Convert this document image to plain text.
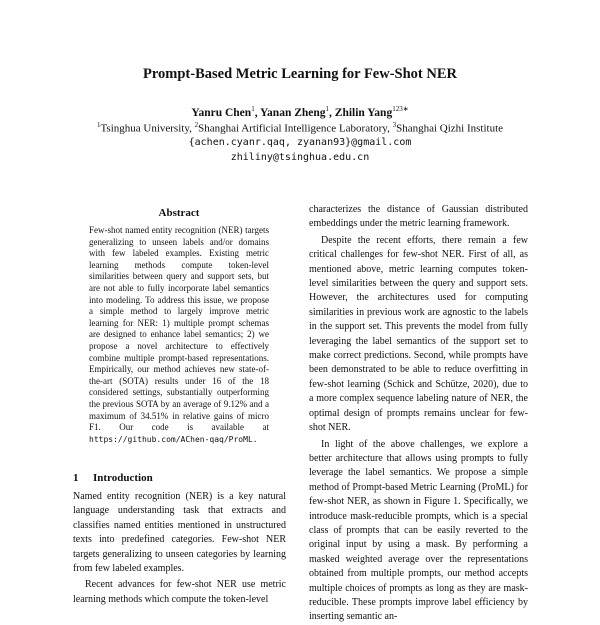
Prompt-Based Metric Learning for Few-Shot NER
Yanru Chen$^1$, Yanan Zheng$^1$, Zhilin Yang$^{123∗}$
$^1$Tsinghua University, $^2$Shanghai Artificial Intelligence Laboratory, $^3$Shanghai Qizhi Institute
{achen.cyanr.qaq, zyanan93}@gmail.com
zhiliny@tsinghua.edu.cn
Abstract
Few-shot named entity recognition (NER) targets generalizing to unseen labels and/or domains with few labeled examples. Existing metric learning methods compute token-level similarities between query and support sets, but are not able to fully incorporate label semantics into modeling. To address this issue, we propose a simple method to largely improve metric learning for NER: 1) multiple prompt schemas are designed to enhance label semantics; 2) we propose a novel architecture to effectively combine multiple prompt-based representations. Empirically, our method achieves new state-of-the-art (SOTA) results under 16 of the 18 considered settings, substantially outperforming the previous SOTA by an average of 9.12% and a maximum of 34.51% in relative gains of micro F1. Our code is available at https://github.com/AChen-qaq/ProML.
1 Introduction

Named entity recognition (NER) is a key natural language understanding task that extracts and classifies named entities mentioned in unstructured texts into predefined categories. Few-shot NER targets generalizing to unseen categories by learning from few labeled examples.

Recent advances for few-shot NER use metric learning methods which compute the token-level

characterizes the distance of Gaussian distributed embeddings under the metric learning framework.

Despite the recent efforts, there remain a few critical challenges for few-shot NER. First of all, as mentioned above, metric learning computes token-level similarities between the query and support sets. However, the architectures used for computing similarities in previous work are agnostic to the labels in the support set. This prevents the model from fully leveraging the label semantics of the support set to make correct predictions. Second, while prompts have been demonstrated to be able to reduce overfitting in few-shot learning (Schick and Schütze, 2020), due to a more complex sequence labeling nature of NER, the optimal design of prompts remains unclear for few-shot NER.

In light of the above challenges, we explore a better architecture that allows using prompts to fully leverage the label semantics. We propose a simple method of Prompt-based Metric Learning (ProML) for few-shot NER, as shown in Figure 1. Specifically, we introduce mask-reducible prompts, which is a special class of prompts that can be easily reverted to the original input by using a mask. By performing a masked weighted average over the representations obtained from multiple prompts, our method accepts multiple choices of prompts as long as they are mask-reducible. These prompts improve label efficiency by inserting semantic an-
